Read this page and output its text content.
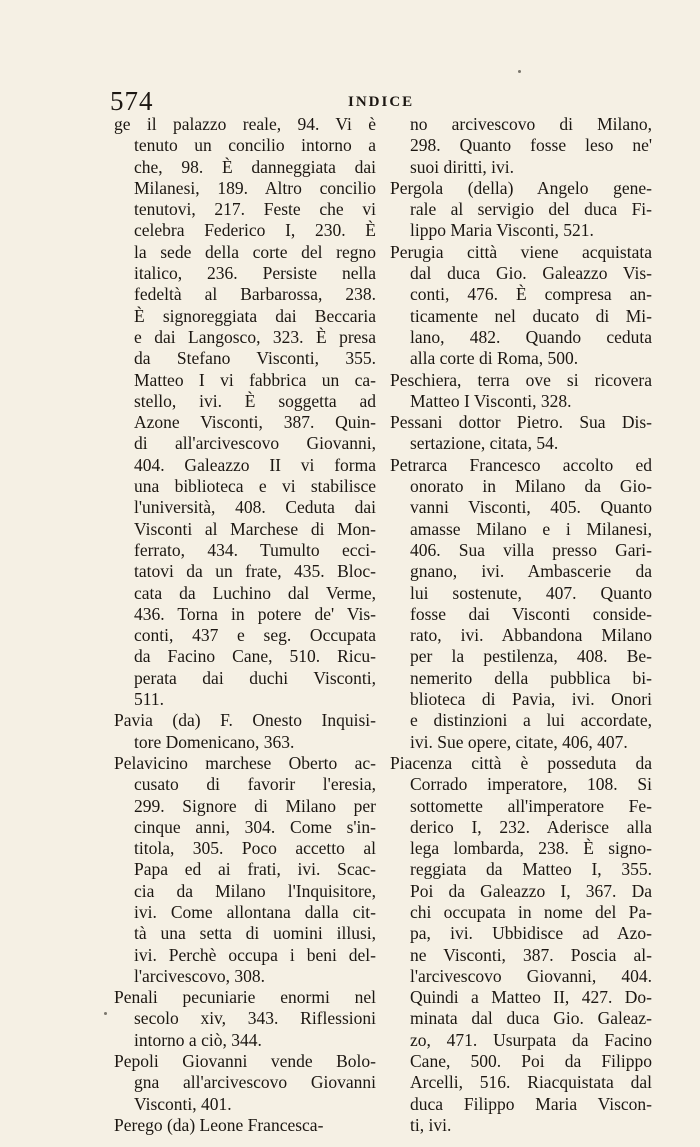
574	INDICE

ge il palazzo reale, 94. Vi è
tenuto un concilio intorno a
che, 98. È danneggiata dai
Milanesi, 189. Altro concilio
tenutovi, 217. Feste che vi
celebra Federico I, 230. È
la sede della corte del regno
italico, 236. Persiste nella
fedeltà al Barbarossa, 238.
È signoreggiata dai Beccaria
e dai Langosco, 323. È presa
da Stefano Visconti, 355.
Matteo I vi fabbrica un ca-
stello, ivi. È soggetta ad
Azone Visconti, 387. Quin-
di all'arcivescovo Giovanni,
404. Galeazzo II vi forma
una biblioteca e vi stabilisce
l'università, 408. Ceduta dai
Visconti al Marchese di Mon-
ferrato, 434. Tumulto ecci-
tatovi da un frate, 435. Bloc-
cata da Luchino dal Verme,
436. Torna in potere de' Vis-
conti, 437 e seg. Occupata
da Facino Cane, 510. Ricu-
perata dai duchi Visconti,
511.

Pavia (da) F. Onesto Inquisi-
tore Domenicano, 363.

Pelavicino marchese Oberto ac-
cusato di favorir l'eresia,
299. Signore di Milano per
cinque anni, 304. Come s'in-
titola, 305. Poco accetto al
Papa ed ai frati, ivi. Scac-
cia da Milano l'Inquisitore,
ivi. Come allontana dalla cit-
tà una setta di uomini illusi,
ivi. Perchè occupa i beni del-
l'arcivescovo, 308.

Penali pecuniarie enormi nel
secolo xiv, 343. Riflessioni
intorno a ciò, 344.

Pepoli Giovanni vende Bolo-
gna all'arcivescovo Giovanni
Visconti, 401.

Perego (da) Leone Francesca-

no arcivescovo di Milano,
298. Quanto fosse leso ne'
suoi diritti, ivi.

Pergola (della) Angelo gene-
rale al servigio del duca Fi-
lippo Maria Visconti, 521.

Perugia città viene acquistata
dal duca Gio. Galeazzo Vis-
conti, 476. È compresa an-
ticamente nel ducato di Mi-
lano, 482. Quando ceduta
alla corte di Roma, 500.

Peschiera, terra ove si ricovera
Matteo I Visconti, 328.

Pessani dottor Pietro. Sua Dis-
sertazione, citata, 54.

Petrarca Francesco accolto ed
onorato in Milano da Gio-
vanni Visconti, 405. Quanto
amasse Milano e i Milanesi,
406. Sua villa presso Gari-
gnano, ivi. Ambascerie da
lui sostenute, 407. Quanto
fosse dai Visconti conside-
rato, ivi. Abbandona Milano
per la pestilenza, 408. Be-
nemerito della pubblica bi-
blioteca di Pavia, ivi. Onori
e distinzioni a lui accordate,
ivi. Sue opere, citate, 406, 407.

Piacenza città è posseduta da
Corrado imperatore, 108. Si
sottomette all'imperatore Fe-
derico I, 232. Aderisce alla
lega lombarda, 238. È signo-
reggiata da Matteo I, 355.
Poi da Galeazzo I, 367. Da
chi occupata in nome del Pa-
pa, ivi. Ubbidisce ad Azo-
ne Visconti, 387. Poscia al-
l'arcivescovo Giovanni, 404.
Quindi a Matteo II, 427. Do-
minata dal duca Gio. Galeaz-
zo, 471. Usurpata da Facino
Cane, 500. Poi da Filippo
Arcelli, 516. Riacquistata dal
duca Filippo Maria Viscon-
ti, ivi.
